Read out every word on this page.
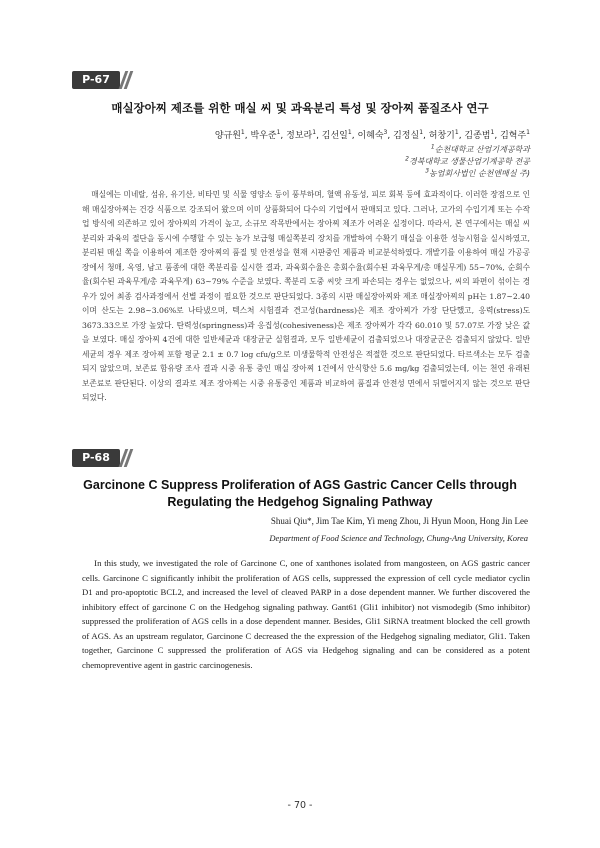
P-67
매실장아찌 제조를 위한 매실 씨 및 과육분리 특성 및 장아찌 품질조사 연구
양규원$^1$, 박우준$^1$, 정보라$^1$, 김선일$^1$, 이혜숙$^3$, 김정실$^1$, 허창기$^1$, 김종범$^1$, 김혁주$^1$
$^1$순천대학교 산업기계공학과
$^2$경북대학교 생물산업기계공학 전공
$^3$농업회사법인 순천엔매실 주)
매실에는 미네랄, 섬유, 유기산, 비타민 및 식물 영양소 등이 풍부하며, 혈액 유동성, 피로 회복 등에 효과적이다. 이러한 장점으로 인해 매실장아찌는 건강 식품으로 강조되어 왔으며 이미 상품화되어 다수의 기업에서 판매되고 있다. 그러나, 고가의 수입기계 또는 수작업 방식에 의존하고 있어 장아찌의 가격이 높고, 소규모 작목반에서는 장아찌 제조가 어려운 실정이다. 따라서, 본 연구에서는 매실 씨 분리와 과육의 절단을 동시에 수행할 수 있는 농가 보급형 매실쪽분리 장치를 개발하여 수확기 매실을 이용한 성능시험을 실시하였고, 분리된 매실 쪽을 이용하여 제조한 장아찌의 품질 및 안전성을 현재 시판중인 제품과 비교분석하였다. 개발기를 이용하여 매실 가공공장에서 청매, 옥영, 남고 품종에 대한 쪽분리를 실시한 결과, 과육회수율은 총회수율(회수된 과육무게/총 매실무게) 55~70%, 순회수율(회수된 과육무게/총 과육무게) 63~79% 수준을 보였다. 쪽분리 도중 씨앗 크게 파손되는 경우는 없었으나, 씨의 파편이 섞이는 경우가 있어 최종 검사과정에서 선별 과정이 필요한 것으로 판단되었다. 3종의 시판 매실장아찌와 제조 매실장아찌의 pH는 1.87~2.40이며 산도는 2.98~3.06%로 나타냈으며, 텍스처 시험결과 견고성(hardness)은 제조 장아찌가 가장 단단했고, 응력(stress)도 3673.33으로 가장 높았다. 탄력성(springness)과 응집성(cohesiveness)은 제조 장아찌가 각각 60.010 및 57.07로 가장 낮은 값을 보였다. 매실 장아찌 4건에 대한 일반세균과 대장균군 실험결과, 모두 일반세균이 검출되었으나 대장균군은 검출되지 않았다. 일반세균의 경우 제조 장아찌 포함 평균 2.1 ± 0.7 log cfu/g으로 미생물학적 안전성은 적절한 것으로 판단되었다. 타르색소는 모두 검출되지 않았으며, 보존료 함유량 조사 결과 시중 유통 중인 매실 장아찌 1건에서 안식향산 5.6 mg/kg 검출되었는데, 이는 천연 유래된 보존료로 판단된다. 이상의 결과로 제조 장아찌는 시중 유통중인 제품과 비교하여 품질과 안전성 면에서 뒤떨어지지 않는 것으로 판단되었다.
P-68
Garcinone C Suppress Proliferation of AGS Gastric Cancer Cells through
Regulating the Hedgehog Signaling Pathway
Shuai Qiu*, Jim Tae Kim, Yi meng Zhou, Ji Hyun Moon, Hong Jin Lee
Department of Food Science and Technology, Chung-Ang University, Korea
In this study, we investigated the role of Garcinone C, one of xanthones isolated from mangosteen, on AGS gastric cancer cells. Garcinone C significantly inhibit the proliferation of AGS cells, suppressed the expression of cell cycle mediator cyclin D1 and pro-apoptotic BCL2, and increased the level of cleaved PARP in a dose dependent manner. We further discovered the inhibitory effect of garcinone C on the Hedgehog signaling pathway. Gant61 (Gli1 inhibitor) not vismodegib (Smo inhibitor) suppressed the proliferation of AGS cells in a dose dependent manner. Besides, Gli1 SiRNA treatment blocked the cell growth of AGS. As an upstream regulator, Garcinone C decreased the the expression of the Hedgehog signaling mediator, Gli1. Taken together, Garcinone C suppressed the proliferation of AGS via Hedgehog signaling and can be considered as a potent chemopreventive agent in gastric carcinogenesis.
- 70 -
